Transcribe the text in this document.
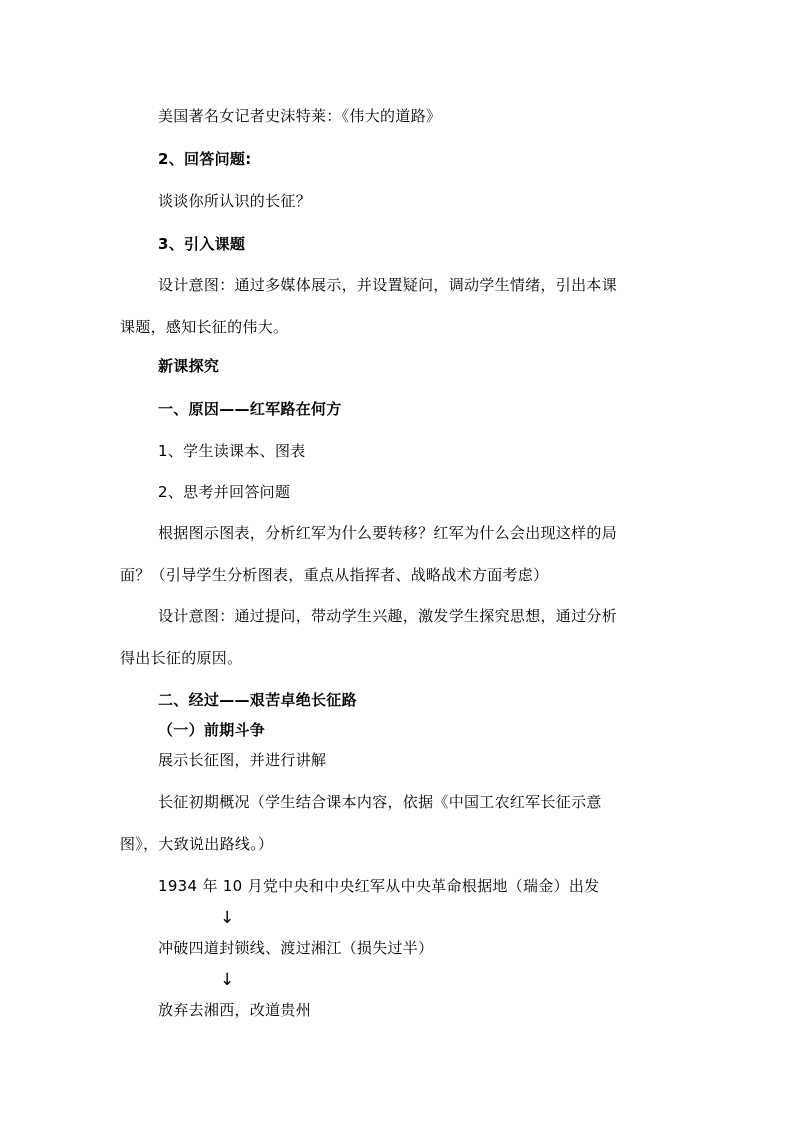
美国著名女记者史沫特莱：《伟大的道路》
2、回答问题:
谈谈你所认识的长征？
3、引入课题
设计意图：通过多媒体展示，并设置疑问，调动学生情绪，引出本课
课题，感知长征的伟大。
新课探究
一、原因——红军路在何方
1、学生读课本、图表
2、思考并回答问题
根据图示图表，分析红军为什么要转移？红军为什么会出现这样的局
面？（引导学生分析图表，重点从指挥者、战略战术方面考虑）
设计意图：通过提问，带动学生兴趣，激发学生探究思想，通过分析
得出长征的原因。
二、经过——艰苦卓绝长征路
（一）前期斗争
展示长征图，并进行讲解
长征初期概况（学生结合课本内容，依据《中国工农红军长征示意
图》，大致说出路线。）
1934 年 10 月党中央和中央红军从中央革命根据地（瑞金）出发
↓
冲破四道封锁线、渡过湘江（损失过半）
↓
放弃去湘西，改道贵州
